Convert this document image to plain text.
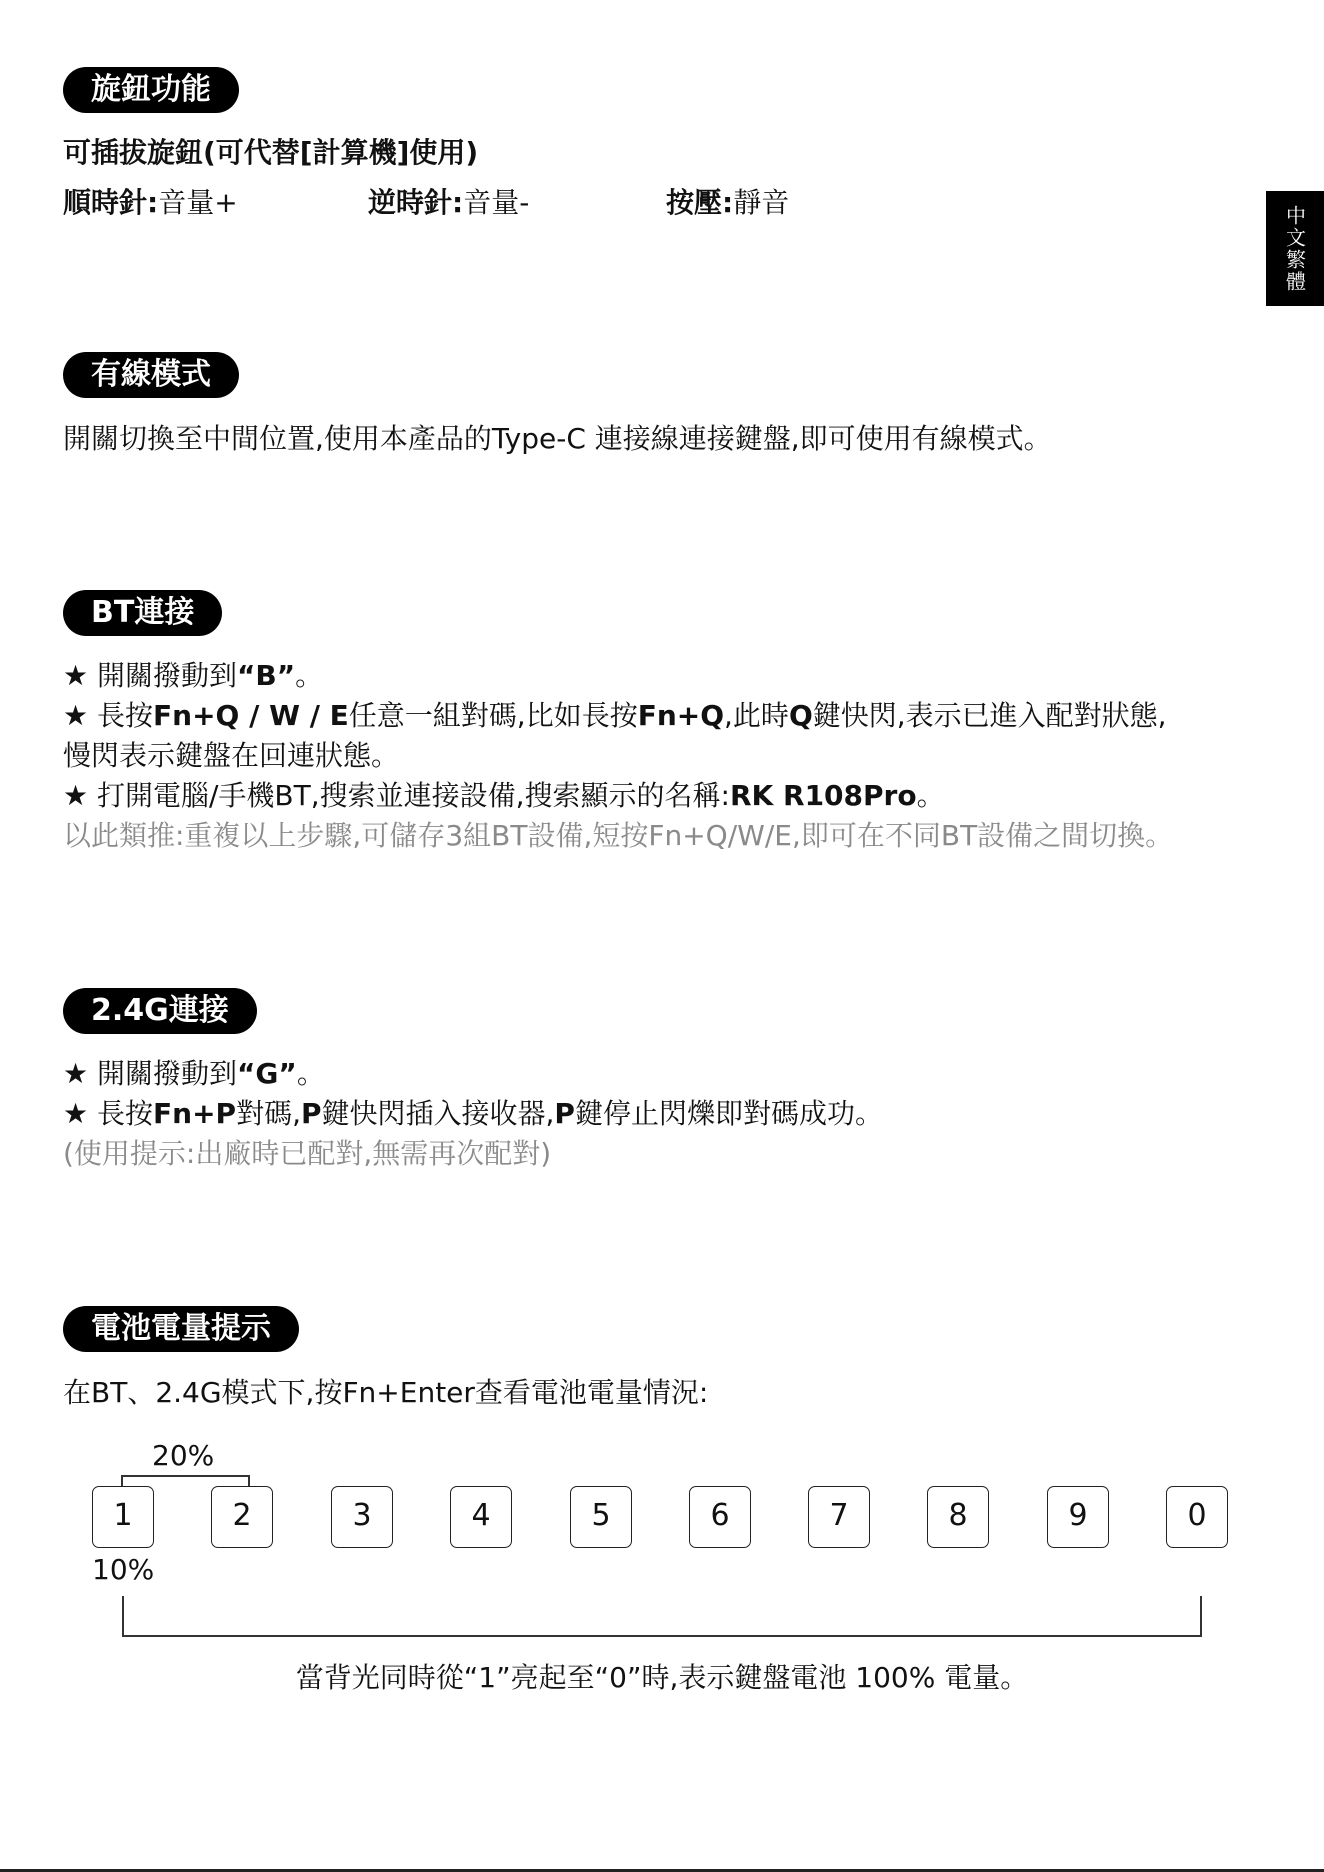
中文繁體
旋鈕功能
可插拔旋鈕(可代替[計算機]使用)
順時針:音量+	逆時針:音量-	按壓:靜音
有線模式
開關切換至中間位置,使用本產品的Type-C 連接線連接鍵盤,即可使用有線模式。
BT連接
★ 開關撥動到“B”。
★ 長按Fn+Q / W / E任意一組對碼,比如長按Fn+Q,此時Q鍵快閃,表示已進入配對狀態,
慢閃表示鍵盤在回連狀態。
★ 打開電腦/手機BT,搜索並連接設備,搜索顯示的名稱:RK R108Pro。
以此類推:重複以上步驟,可儲存3組BT設備,短按Fn+Q/W/E,即可在不同BT設備之間切換。
2.4G連接
★ 開關撥動到“G”。
★ 長按Fn+P對碼,P鍵快閃插入接收器,P鍵停止閃爍即對碼成功。
(使用提示:出廠時已配對,無需再次配對)
電池電量提示
在BT、2.4G模式下,按Fn+Enter查看電池電量情況:
20%
1	2	3	4	5	6	7	8	9	0
10%
當背光同時從“1”亮起至“0”時,表示鍵盤電池 100% 電量。
